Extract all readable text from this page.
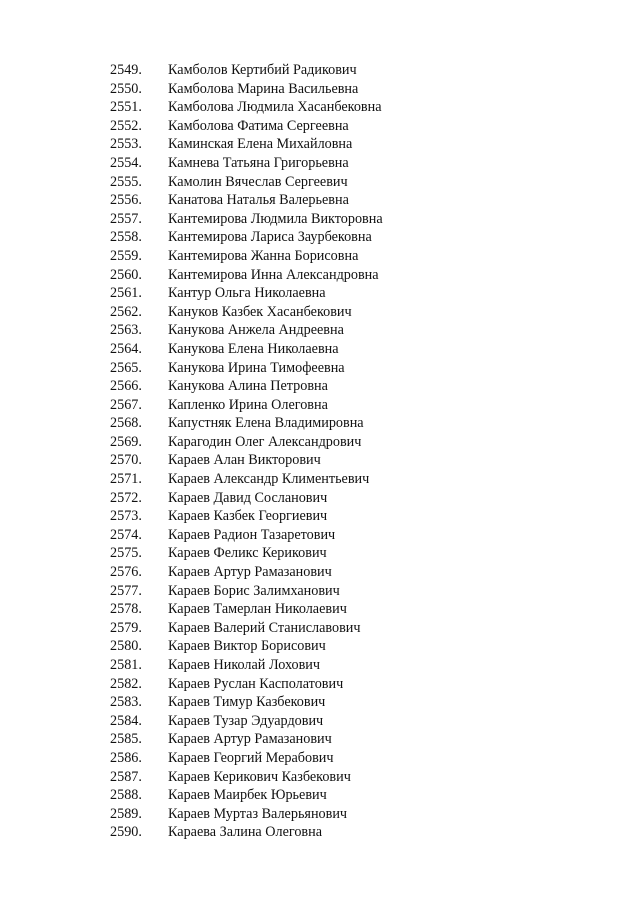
2549. Камболов Кертибий Радикович
2550. Камболова Марина Васильевна
2551. Камболова Людмила Хасанбековна
2552. Камболова Фатима Сергеевна
2553. Каминская Елена Михайловна
2554. Камнева Татьяна Григорьевна
2555. Камолин Вячеслав Сергеевич
2556. Канатова Наталья Валерьевна
2557. Кантемирова Людмила Викторовна
2558. Кантемирова Лариса Заурбековна
2559. Кантемирова Жанна Борисовна
2560. Кантемирова Инна Александровна
2561. Кантур Ольга Николаевна
2562. Кануков Казбек Хасанбекович
2563. Канукова Анжела Андреевна
2564. Канукова Елена Николаевна
2565. Канукова Ирина Тимофеевна
2566. Канукова Алина Петровна
2567. Капленко Ирина Олеговна
2568. Капустняк Елена Владимировна
2569. Карагодин Олег Александрович
2570. Караев Алан Викторович
2571. Караев Александр Климентьевич
2572. Караев Давид Сосланович
2573. Караев Казбек Георгиевич
2574. Караев Радион Тазаретович
2575. Караев Феликс Керикович
2576. Караев Артур Рамазанович
2577. Караев Борис Залимханович
2578. Караев Тамерлан Николаевич
2579. Караев Валерий Станиславович
2580. Караев Виктор Борисович
2581. Караев Николай Лохович
2582. Караев Руслан Касполатович
2583. Караев Тимур Казбекович
2584. Караев Тузар Эдуардович
2585. Караев Артур Рамазанович
2586. Караев Георгий Мерабович
2587. Караев Керикович Казбекович
2588. Караев Маирбек Юрьевич
2589. Караев Муртаз Валерьянович
2590. Караева Залина Олеговна
